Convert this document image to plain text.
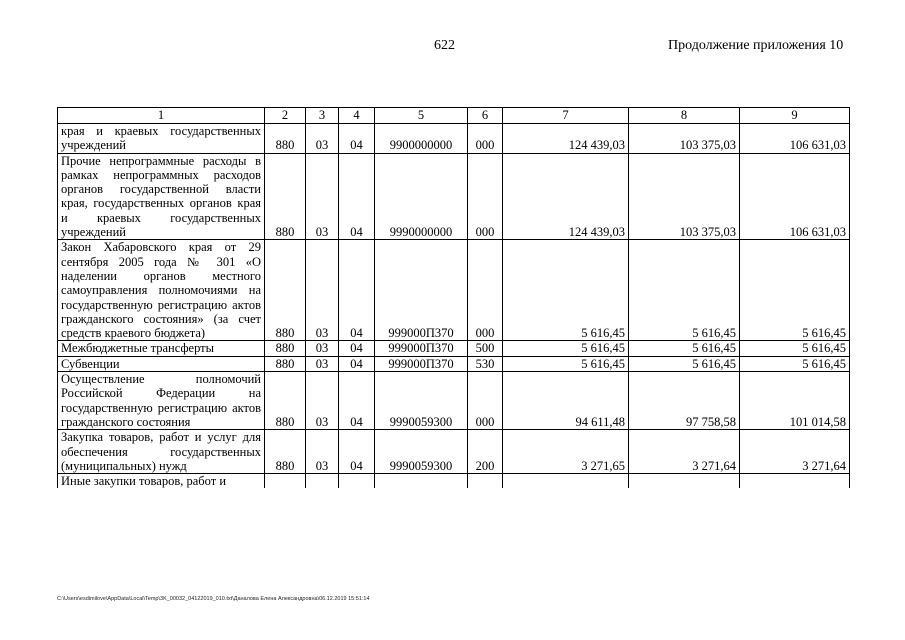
622	Продолжение приложения 10
1	2	3	4	5	6	7	8	9
края и краевых государственных учреждений	880	03	04	9900000000	000	124 439,03	103 375,03	106 631,03
Прочие непрограммные расходы в рамках непрограммных расходов органов государственной власти края, государственных органов края и краевых государственных учреждений	880	03	04	9990000000	000	124 439,03	103 375,03	106 631,03
Закон Хабаровского края от 29 сентября 2005 года № 301 «О наделении органов местного самоуправления полномочиями на государственную регистрацию актов гражданского состояния» (за счет средств краевого бюджета)	880	03	04	999000П370	000	5 616,45	5 616,45	5 616,45
Межбюджетные трансферты	880	03	04	999000П370	500	5 616,45	5 616,45	5 616,45
Субвенции	880	03	04	999000П370	530	5 616,45	5 616,45	5 616,45
Осуществление полномочий Российской Федерации на государственную регистрацию актов гражданского состояния	880	03	04	9990059300	000	94 611,48	97 758,58	101 014,58
Закупка товаров, работ и услуг для обеспечения государственных (муниципальных) нужд	880	03	04	9990059300	200	3 271,65	3 271,64	3 271,64
Иные закупки товаров, работ и								
C:\Users\esdimilove\AppData\Local\Temp\3K_00032_04122019_010.txt\Даналова Елена Александровна\06.12.2019 15:51:14
